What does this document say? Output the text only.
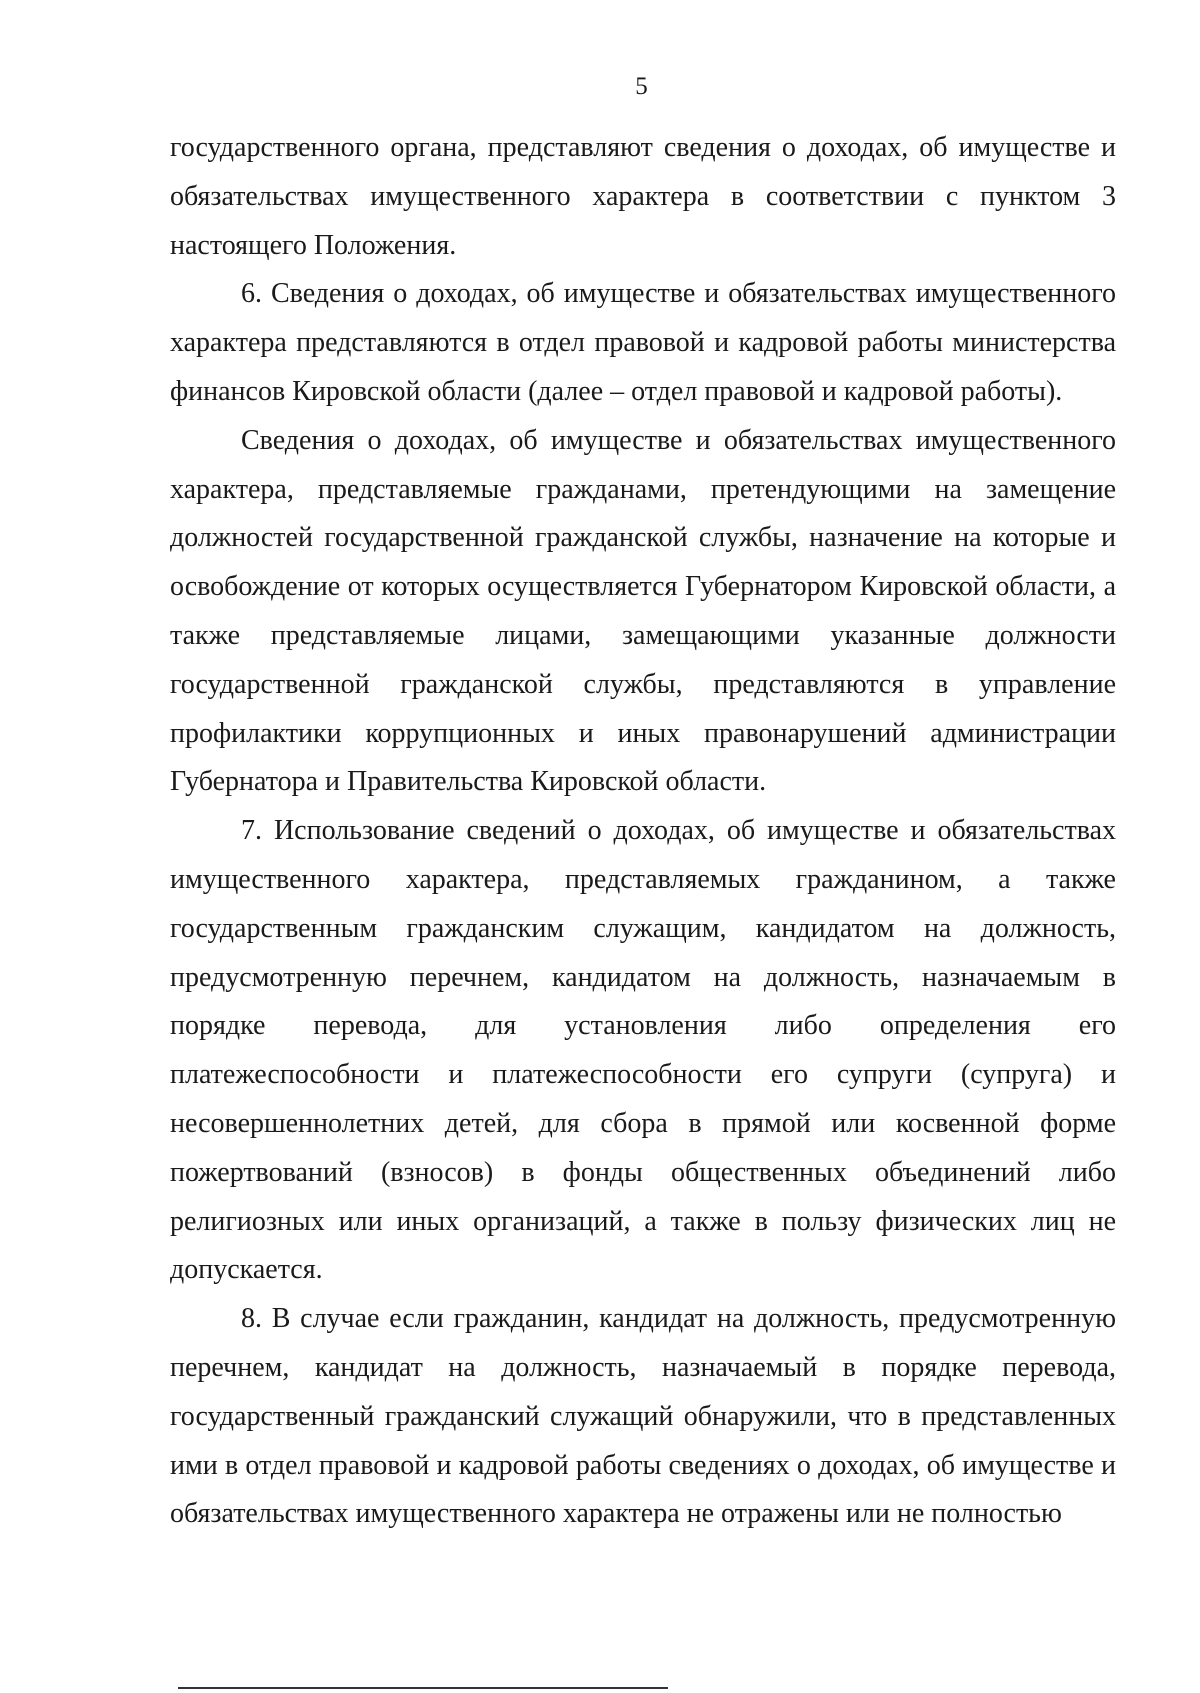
5

государственного органа, представляют сведения о доходах, об имуществе и обязательствах имущественного характера в соответствии с пунктом 3 настоящего Положения.

6. Сведения о доходах, об имуществе и обязательствах имущественного характера представляются в отдел правовой и кадровой работы министерства финансов Кировской области (далее – отдел правовой и кадровой работы).

Сведения о доходах, об имуществе и обязательствах имущественного характера, представляемые гражданами, претендующими на замещение должностей государственной гражданской службы, назначение на которые и освобождение от которых осуществляется Губернатором Кировской области, а также представляемые лицами, замещающими указанные должности государственной гражданской службы, представляются в управление профилактики коррупционных и иных правонарушений администрации Губернатора и Правительства Кировской области.

7. Использование сведений о доходах, об имуществе и обязательствах имущественного характера, представляемых гражданином, а также государственным гражданским служащим, кандидатом на должность, предусмотренную перечнем, кандидатом на должность, назначаемым в порядке перевода, для установления либо определения его платежеспособности и платежеспособности его супруги (супруга) и несовершеннолетних детей, для сбора в прямой или косвенной форме пожертвований (взносов) в фонды общественных объединений либо религиозных или иных организаций, а также в пользу физических лиц не допускается.

8. В случае если гражданин, кандидат на должность, предусмотренную перечнем, кандидат на должность, назначаемый в порядке перевода, государственный гражданский служащий обнаружили, что в представленных ими в отдел правовой и кадровой работы сведениях о доходах, об имуществе и обязательствах имущественного характера не отражены или не полностью
